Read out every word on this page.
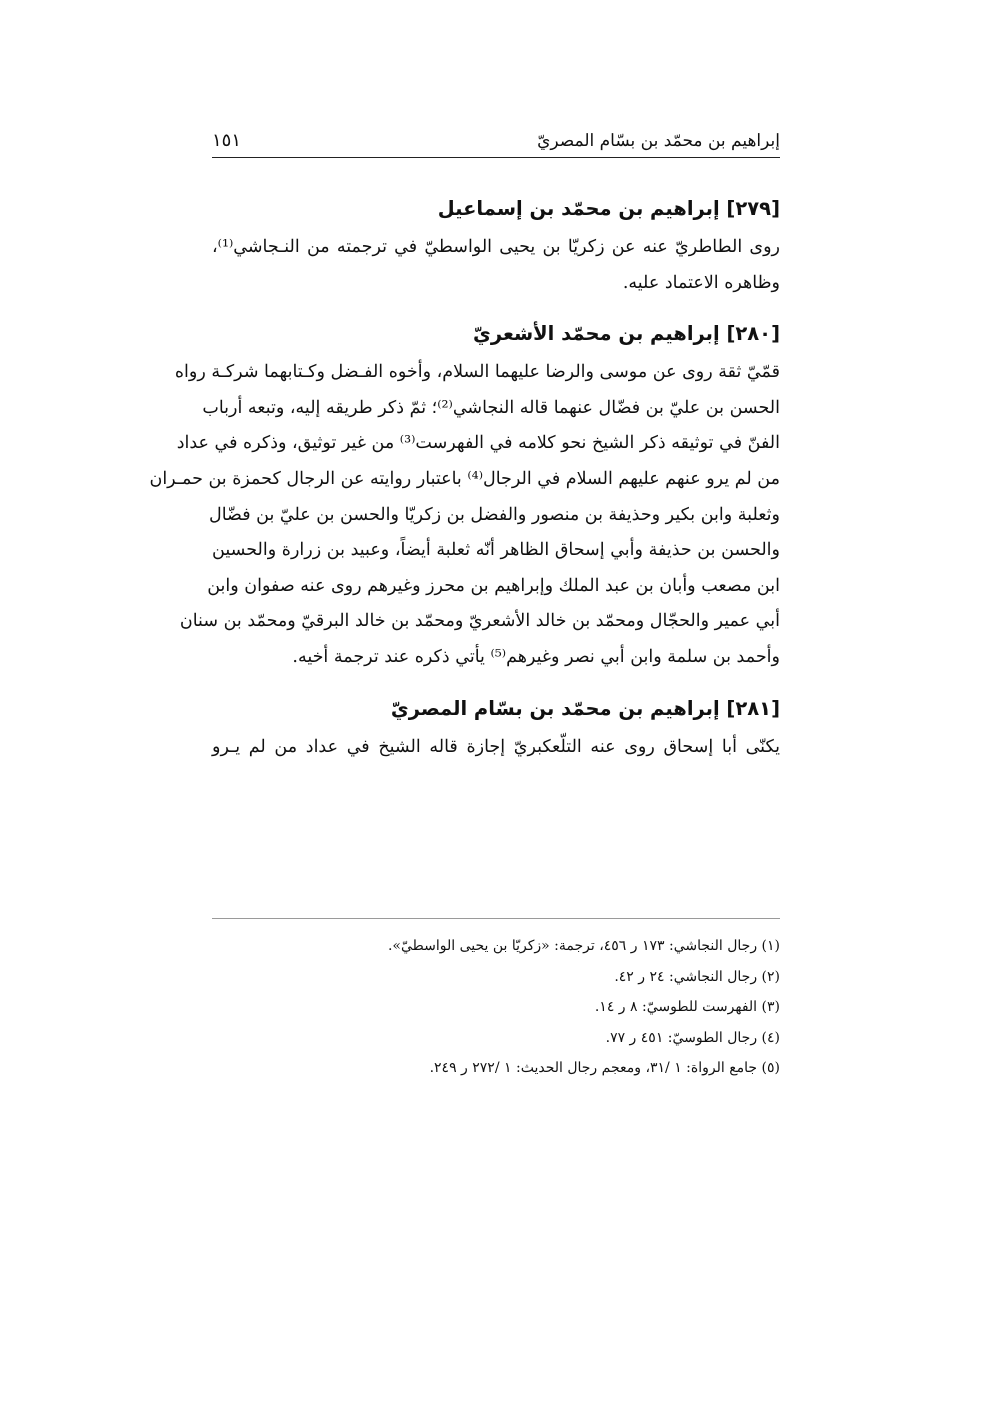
إبراهيم بن محمّد بن بسّام المصريّ
١٥١
[٢٧٩] إبراهيم بن محمّد بن إسماعيل
روى الطاطريّ عنه عن زكريّا بن يحيى الواسطيّ في ترجمته من النـجاشي⁽¹⁾،
وظاهره الاعتماد عليه.
[٢٨٠] إبراهيم بن محمّد الأشعريّ
قمّيّ ثقة روى عن موسى والرضا عليهما السلام، وأخوه الفـضل وكـتابهما شركـة رواه
الحسن بن عليّ بن فضّال عنهما قاله النجاشي⁽²⁾؛ ثمّ ذكر طريقه إليه، وتبعه أرباب
الفنّ في توثيقه ذكر الشيخ نحو كلامه في الفهرست⁽³⁾ من غير توثيق، وذكره في عداد
من لم يرو عنهم عليهم السلام في الرجال⁽⁴⁾ باعتبار روايته عن الرجال كحمزة بن حمـران
وثعلبة وابن بكير وحذيفة بن منصور والفضل بن زكريّا والحسن بن عليّ بن فضّال
والحسن بن حذيفة وأبي إسحاق الظاهر أنّه ثعلبة أيضاً، وعبيد بن زرارة والحسين
ابن مصعب وأبان بن عبد الملك وإبراهيم بن محرز وغيرهم روى عنه صفوان وابن
أبي عمير والحجّال ومحمّد بن خالد الأشعريّ ومحمّد بن خالد البرقيّ ومحمّد بن سنان
وأحمد بن سلمة وابن أبي نصر وغيرهم⁽⁵⁾ يأتي ذكره عند ترجمة أخيه.
[٢٨١] إبراهيم بن محمّد بن بسّام المصريّ
يكنّى أبا إسحاق روى عنه التلّعكبريّ إجازة قاله الشيخ في عداد من لم يـرو

(١) رجال النجاشي: ١٧٣ ر ٤٥٦، ترجمة: «زكريّا بن يحيى الواسطيّ».

(٢) رجال النجاشي: ٢٤ ر ٤٢.

(٣) الفهرست للطوسيّ: ٨ ر ١٤.

(٤) رجال الطوسيّ: ٤٥١ ر ٧٧.

(٥) جامع الرواة: ١ /٣١، ومعجم رجال الحديث: ١ /٢٧٢ ر ٢٤٩.
